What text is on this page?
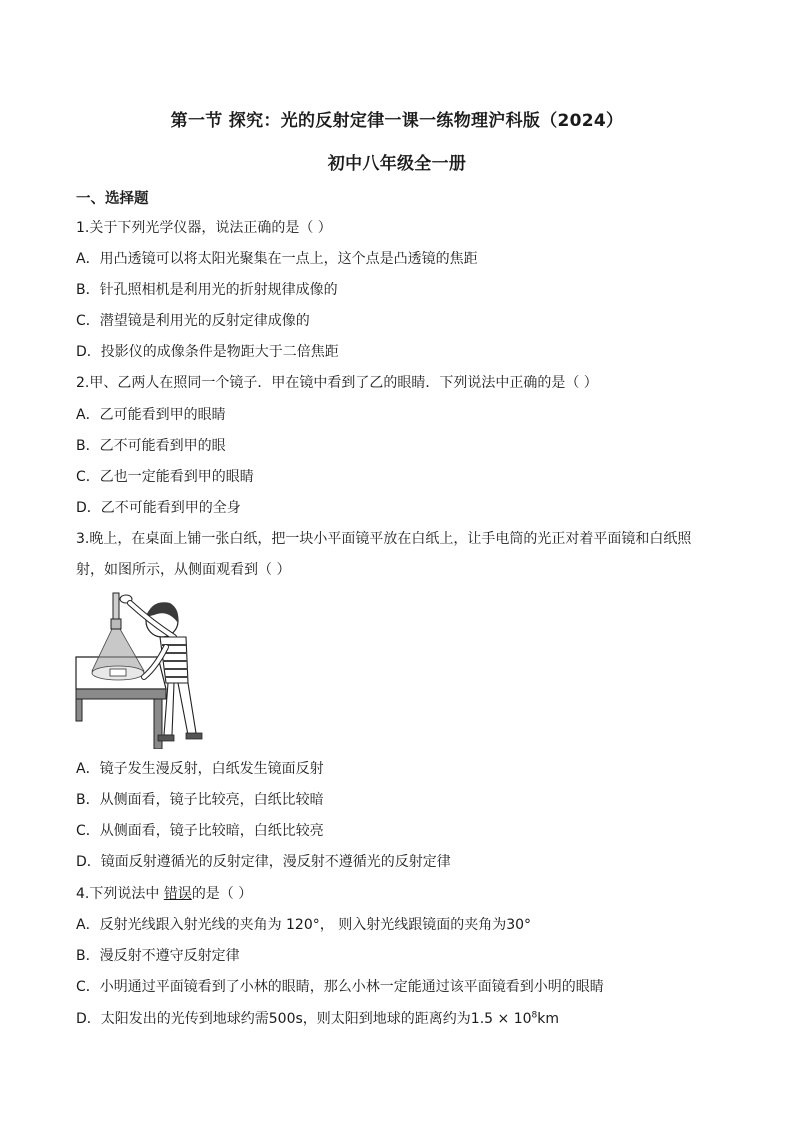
第一节 探究：光的反射定律一课一练物理沪科版（2024）
初中八年级全一册
一、选择题
1.关于下列光学仪器，说法正确的是（ ）
A．用凸透镜可以将太阳光聚集在一点上，这个点是凸透镜的焦距
B．针孔照相机是利用光的折射规律成像的
C．潜望镜是利用光的反射定律成像的
D．投影仪的成像条件是物距大于二倍焦距
2.甲、乙两人在照同一个镜子．甲在镜中看到了乙的眼睛．下列说法中正确的是（ ）
A．乙可能看到甲的眼睛
B．乙不可能看到甲的眼
C．乙也一定能看到甲的眼睛
D．乙不可能看到甲的全身
3.晚上，在桌面上铺一张白纸，把一块小平面镜平放在白纸上，让手电筒的光正对着平面镜和白纸照
射，如图所示，从侧面观看到（ ）
A．镜子发生漫反射，白纸发生镜面反射
B．从侧面看，镜子比较亮，白纸比较暗
C．从侧面看，镜子比较暗，白纸比较亮
D．镜面反射遵循光的反射定律，漫反射不遵循光的反射定律
4.下列说法中 错误的是（ ）
A．反射光线跟入射光线的夹角为 120°， 则入射光线跟镜面的夹角为30°
B．漫反射不遵守反射定律
C．小明通过平面镜看到了小林的眼睛，那么小林一定能通过该平面镜看到小明的眼睛
D．太阳发出的光传到地球约需500s，则太阳到地球的距离约为$1.5 \times 10^8km$
